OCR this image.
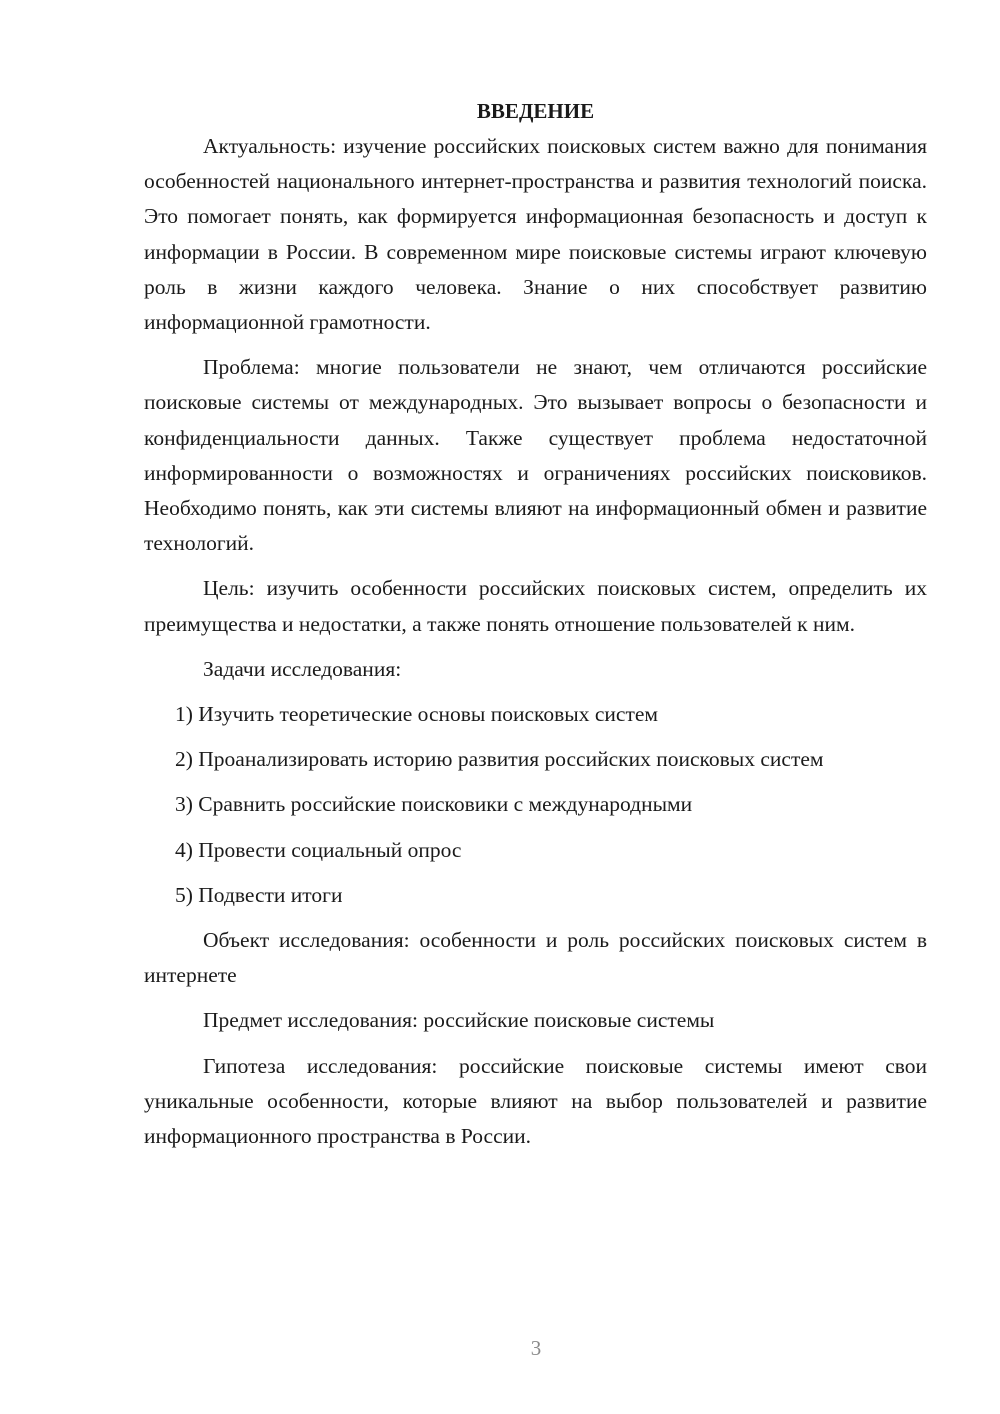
ВВЕДЕНИЕ

Актуальность: изучение российских поисковых систем важно для понимания особенностей национального интернет-пространства и развития технологий поиска. Это помогает понять, как формируется информационная безопасность и доступ к информации в России. В современном мире поисковые системы играют ключевую роль в жизни каждого человека. Знание о них способствует развитию информационной грамотности.

Проблема: многие пользователи не знают, чем отличаются российские поисковые системы от международных. Это вызывает вопросы о безопасности и конфиденциальности данных. Также существует проблема недостаточной информированности о возможностях и ограничениях российских поисковиков. Необходимо понять, как эти системы влияют на информационный обмен и развитие технологий.

Цель: изучить особенности российских поисковых систем, определить их преимущества и недостатки, а также понять отношение пользователей к ним.

Задачи исследования:

1) Изучить теоретические основы поисковых систем
2) Проанализировать историю развития российских поисковых систем
3) Сравнить российские поисковики с международными
4) Провести социальный опрос
5) Подвести итоги

Объект исследования: особенности и роль российских поисковых систем в интернете

Предмет исследования: российские поисковые системы

Гипотеза исследования: российские поисковые системы имеют свои уникальные особенности, которые влияют на выбор пользователей и развитие информационного пространства в России.

3
